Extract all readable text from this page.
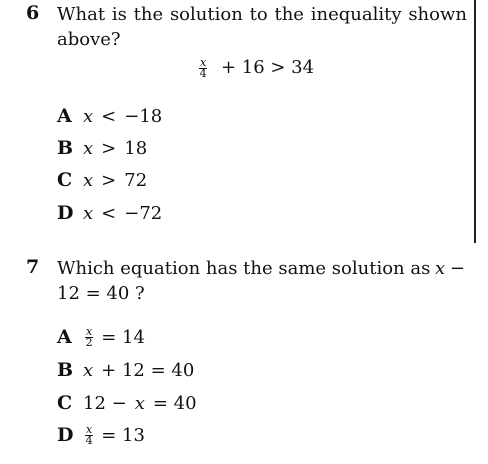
6 What is the solution to the inequality shown
above?
$\frac{x}{4} + 16 > 34$
A x < −18
B x > 18
C x > 72
D x < −72
7 Which equation has the same solution as x −
12 = 40 ?
A	$\frac{x}{2} = 14$
B x + 12 = 40
C 12 − x = 40
D	$\frac{x}{4} = 13$
